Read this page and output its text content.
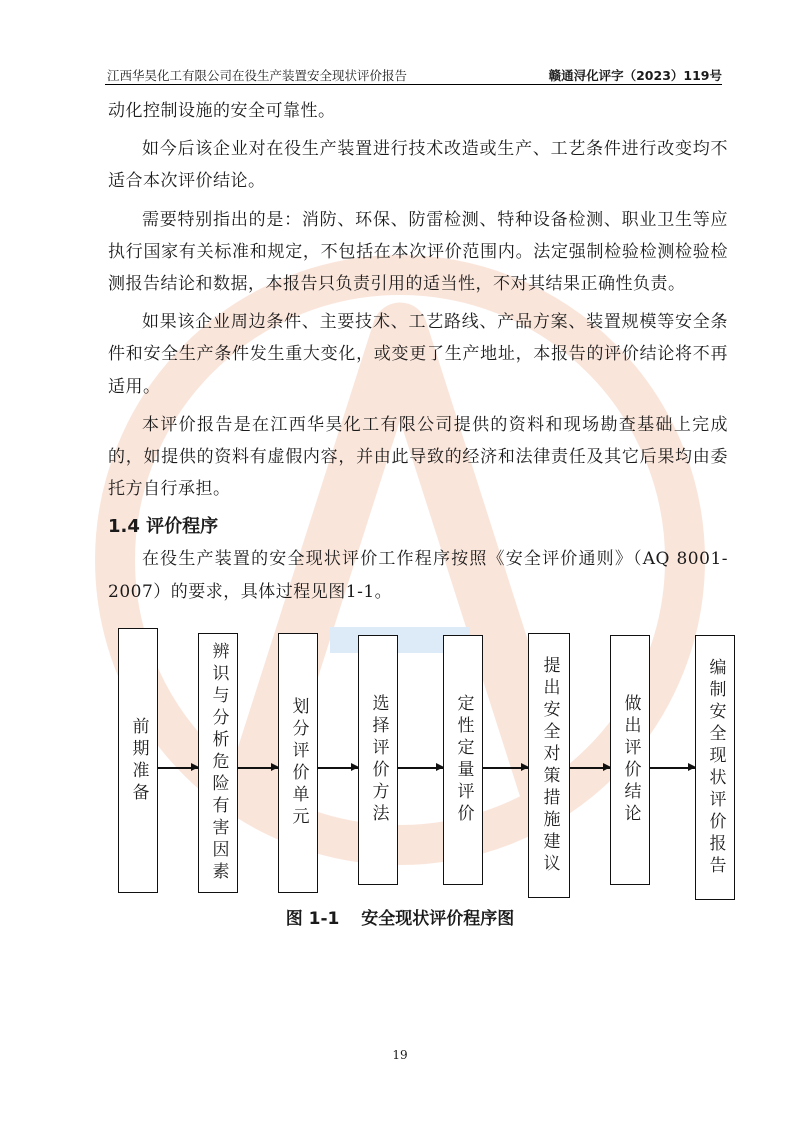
江西华昊化工有限公司在役生产装置安全现状评价报告	赣通浔化评字（2023）119号

动化控制设施的安全可靠性。

如今后该企业对在役生产装置进行技术改造或生产、工艺条件进行改变均不适合本次评价结论。

需要特别指出的是：消防、环保、防雷检测、特种设备检测、职业卫生等应执行国家有关标准和规定，不包括在本次评价范围内。法定强制检验检测检验检测报告结论和数据，本报告只负责引用的适当性，不对其结果正确性负责。

如果该企业周边条件、主要技术、工艺路线、产品方案、装置规模等安全条件和安全生产条件发生重大变化，或变更了生产地址，本报告的评价结论将不再适用。

本评价报告是在江西华昊化工有限公司提供的资料和现场勘查基础上完成的，如提供的资料有虚假内容，并由此导致的经济和法律责任及其它后果均由委托方自行承担。

1.4 评价程序

在役生产装置的安全现状评价工作程序按照《安全评价通则》（AQ 8001-2007）的要求，具体过程见图1-1。

前期准备	辨识与分析危险有害因素	划分评价单元	选择评价方法	定性定量评价	提出安全对策措施建议	做出评价结论	编制安全现状评价报告
图 1-1 安全现状评价程序图
19
